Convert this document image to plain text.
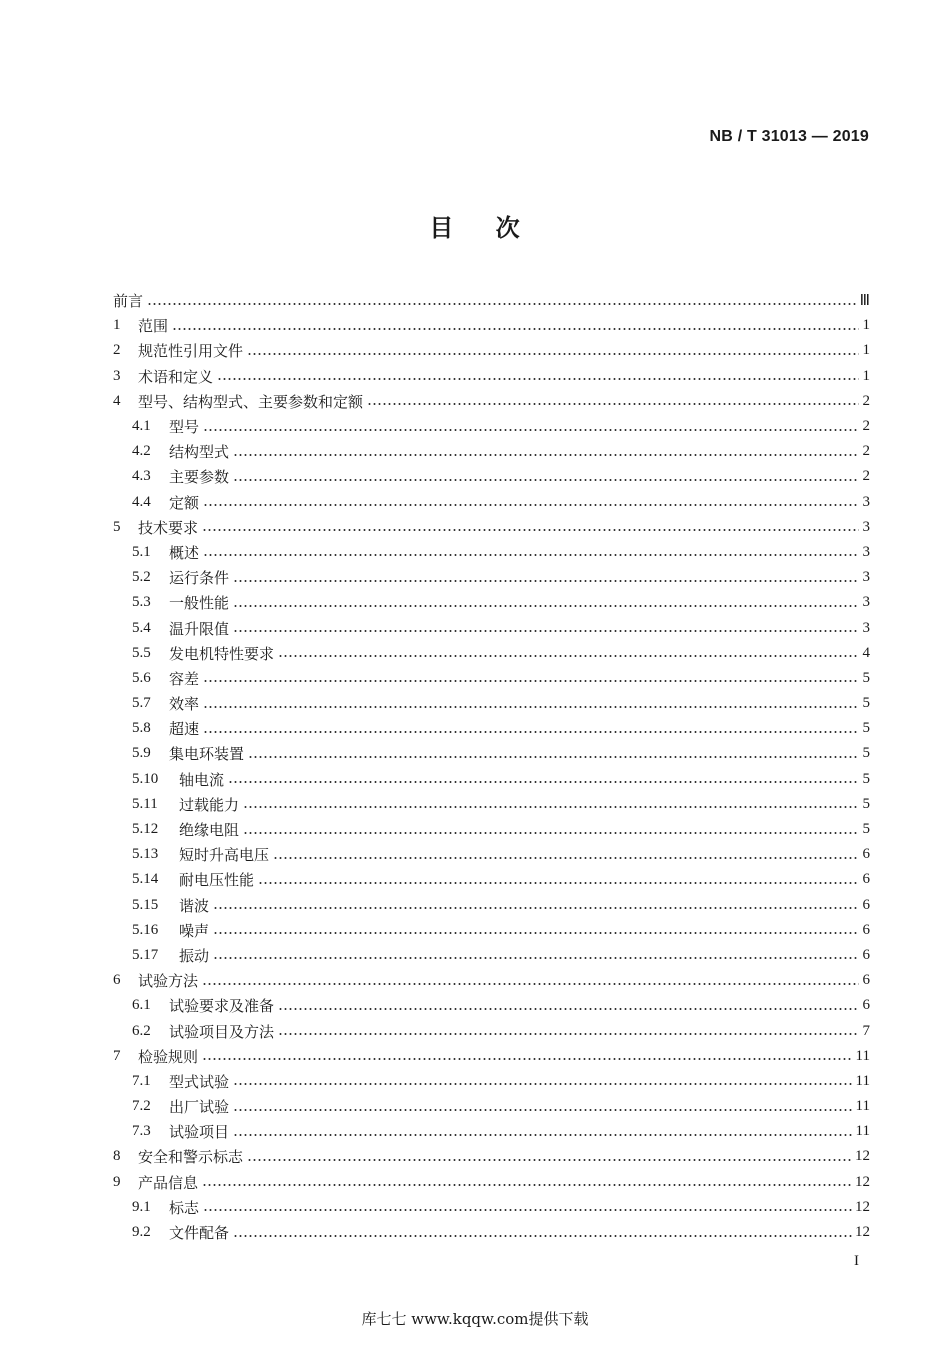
NB / T 31013 — 2019
目 次
前言	Ⅲ
1	范围	1
2	规范性引用文件	1
3	术语和定义	1
4	型号、结构型式、主要参数和定额	2
4.1	型号	2
4.2	结构型式	2
4.3	主要参数	2
4.4	定额	3
5	技术要求	3
5.1	概述	3
5.2	运行条件	3
5.3	一般性能	3
5.4	温升限值	3
5.5	发电机特性要求	4
5.6	容差	5
5.7	效率	5
5.8	超速	5
5.9	集电环装置	5
5.10	轴电流	5
5.11	过载能力	5
5.12	绝缘电阻	5
5.13	短时升高电压	6
5.14	耐电压性能	6
5.15	谐波	6
5.16	噪声	6
5.17	振动	6
6	试验方法	6
6.1	试验要求及准备	6
6.2	试验项目及方法	7
7	检验规则	11
7.1	型式试验	11
7.2	出厂试验	11
7.3	试验项目	11
8	安全和警示标志	12
9	产品信息	12
9.1	标志	12
9.2	文件配备	12
I
库七七 www.kqqw.com提供下载
